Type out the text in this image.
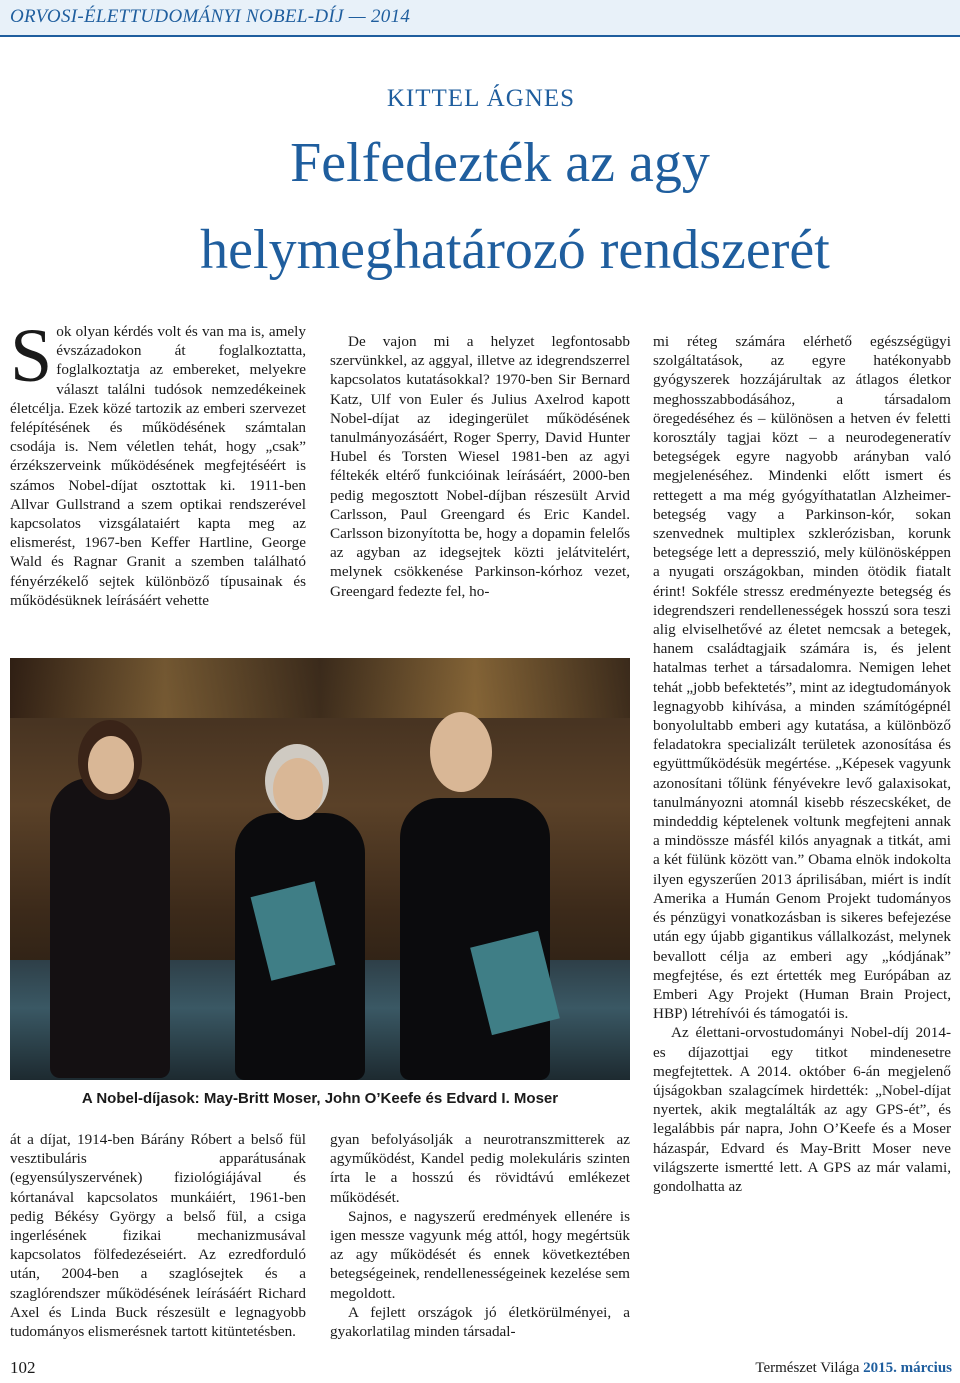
ORVOSI-ÉLETTUDOMÁNYI NOBEL-DÍJ — 2014
KITTEL ÁGNES
Felfedezték az agy
helymeghatározó rendszerét
S ok olyan kérdés volt és van ma is, amely évszázadokon át foglalkoztatta, foglalkoztatja az embereket, melyekre választ találni tudósok nemzedékeinek életcélja. Ezek közé tartozik az emberi szervezet felépítésének és működésének számtalan csodája is. Nem véletlen tehát, hogy „csak” érzékszerveink működésének megfejtéséért is számos Nobel-díjat osztottak ki. 1911-ben Allvar Gullstrand a szem optikai rendszerével kapcsolatos vizsgálataiért kapta meg az elismerést, 1967-ben Keffer Hartline, George Wald és Ragnar Granit a szemben található fényérzékelő sejtek különböző típusainak és működésüknek leírásáért vehette

De vajon mi a helyzet legfontosabb szervünkkel, az aggyal, illetve az idegrendszerrel kapcsolatos kutatásokkal? 1970-ben Sir Bernard Katz, Ulf von Euler és Julius Axelrod kapott Nobel-díjat az idegingerület működésének tanulmányozásáért, Roger Sperry, David Hunter Hubel és Torsten Wiesel 1981-ben az agyi féltekék eltérő funkcióinak leírásáért, 2000-ben pedig megosztott Nobel-díjban részesült Arvid Carlsson, Paul Greengard és Eric Kandel. Carlsson bizonyította be, hogy a dopamin felelős az agyban az idegsejtek közti jelátvitelért, melynek csökkenése Parkinson-kórhoz vezet, Greengard fedezte fel, ho-

mi réteg számára elérhető egészségügyi szolgáltatások, az egyre hatékonyabb gyógyszerek hozzájárultak az átlagos életkor meghosszabbodásához, a társadalom öregedéséhez és – különösen a hetven év feletti korosztály tagjai közt – a neurodegeneratív betegségek egyre nagyobb arányban való megjelenéséhez. Mindenki előtt ismert és rettegett a ma még gyógyíthatatlan Alzheimer-betegség vagy a Parkinson-kór, sokan szenvednek multiplex szklerózisban, korunk betegsége lett a depresszió, mely különösképpen a nyugati országokban, minden ötödik fiatalt érint! Sokféle stressz eredményezte betegség és idegrendszeri rendellenességek hosszú sora teszi alig elviselhetővé az életet nemcsak a betegek, hanem családtagjaik számára is, és jelent hatalmas terhet a társadalomra. Nemigen lehet tehát „jobb befektetés”, mint az idegtudományok legnagyobb kihívása, a minden számítógépnél bonyolultabb emberi agy kutatása, a különböző feladatokra specializált területek azonosítása és együttműködésük megértése. „Képesek vagyunk azonosítani tőlünk fényévekre levő galaxisokat, tanulmányozni atomnál kisebb részecskéket, de mindeddig képtelenek voltunk megfejteni annak a mindössze másfél kilós anyagnak a titkát, ami a két fülünk között van.” Obama elnök indokolta ilyen egyszerűen 2013 áprilisában, miért is indít Amerika a Humán Genom Projekt tudományos és pénzügyi vonatkozásban is sikeres befejezése után egy újabb gigantikus vállalkozást, melynek bevallott célja az emberi agy „kódjának” megfejtése, és ezt értették meg Európában az Emberi Agy Projekt (Human Brain Project, HBP) létrehívói és támogatói is.

Az élettani-orvostudományi Nobel-díj 2014-es díjazottjai egy titkot mindenesetre megfejtettek. A 2014. október 6-án megjelenő újságokban szalagcímek hirdették: „Nobel-díjat nyertek, akik megtalálták az agy GPS-ét”, és legalábbis pár napra, John O’Keefe és a Moser házaspár, Edvard és May-Britt Moser neve világszerte ismertté lett. A GPS az már valami, gondolhatta az

A Nobel-díjasok: May-Britt Moser, John O’Keefe és Edvard I. Moser

át a díjat, 1914-ben Bárány Róbert a belső fül vesztibuláris apparátusának (egyensúlyszervének) fiziológiájával és kórtanával kapcsolatos munkáiért, 1961-ben pedig Békésy György a belső fül, a csiga ingerlésének fizikai mechanizmusával kapcsolatos fölfedezéseiért. Az ezredforduló után, 2004-ben a szaglósejtek és a szaglórendszer működésének leírásáért Richard Axel és Linda Buck részesült e legnagyobb tudományos elismerésnek tartott kitüntetésben.

gyan befolyásolják a neurotranszmitterek az agyműködést, Kandel pedig molekuláris szinten írta le a hosszú és rövidtávú emlékezet működését.

Sajnos, e nagyszerű eredmények ellenére is igen messze vagyunk még attól, hogy megértsük az agy működését és ennek következtében betegségeinek, rendellenességeinek kezelése sem megoldott.

A fejlett országok jó életkörülményei, a gyakorlatilag minden társadal-

102	Természet Világa 2015. március
